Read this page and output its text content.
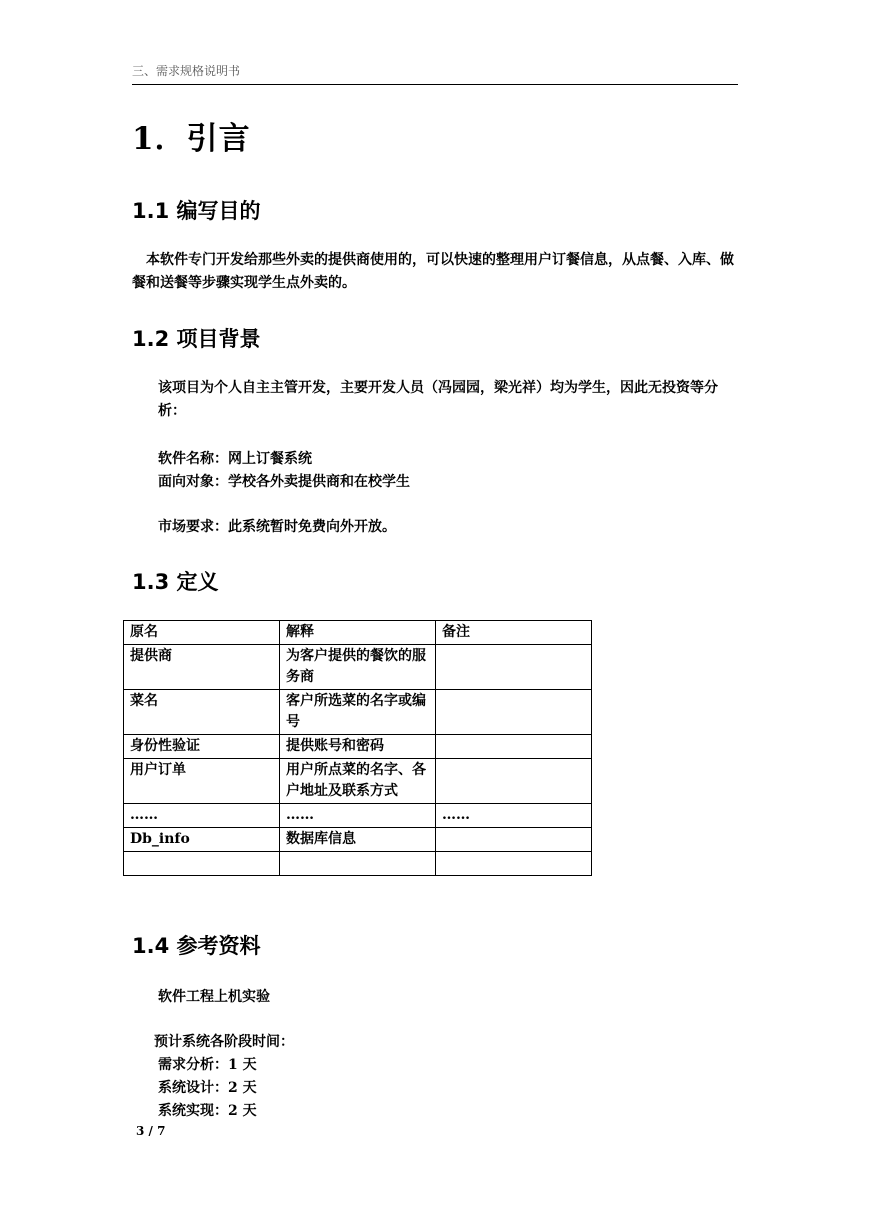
三、需求规格说明书
1．引言
1.1 编写目的
本软件专门开发给那些外卖的提供商使用的，可以快速的整理用户订餐信息，从点餐、入库、做餐和送餐等步骤实现学生点外卖的。
1.2 项目背景
该项目为个人自主主管开发，主要开发人员（冯园园，梁光祥）均为学生，因此无投资等分析：
软件名称：网上订餐系统
面向对象：学校各外卖提供商和在校学生
市场要求：此系统暂时免费向外开放。
1.3 定义
原名	解释	备注
提供商	为客户提供的餐饮的服务商	
菜名	客户所选菜的名字或编号	
身份性验证	提供账号和密码	
用户订单	用户所点菜的名字、各户地址及联系方式	
……	……	……
Db_info	数据库信息	

1.4 参考资料
软件工程上机实验
预计系统各阶段时间：
需求分析：1 天
系统设计：2 天
系统实现：2 天
3 / 7
